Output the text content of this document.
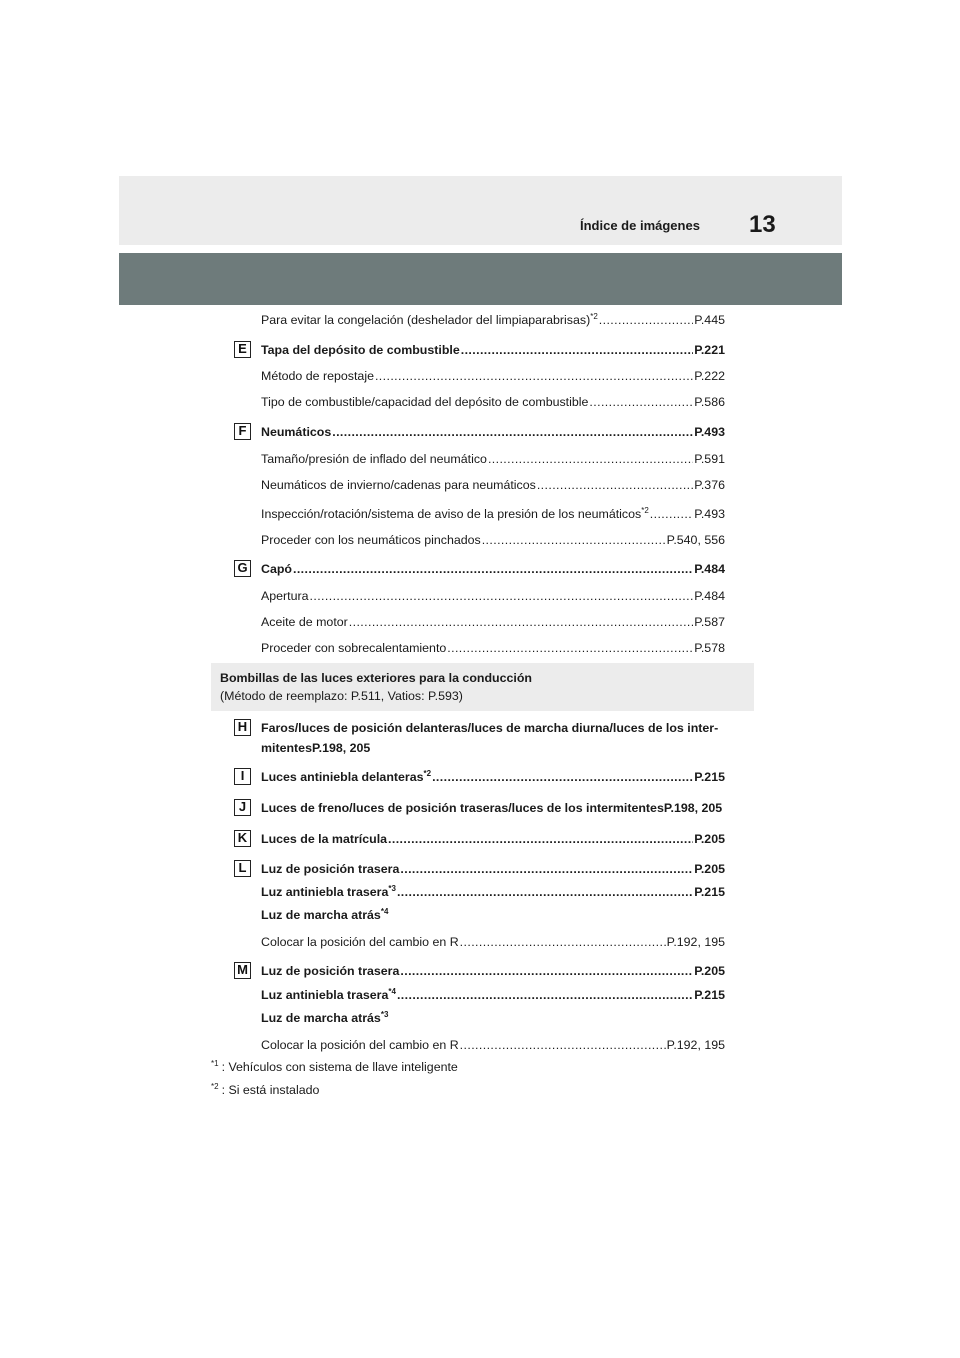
Índice de imágenes 13
Para evitar la congelación (deshelador del limpiaparabrisas)$^{*2}$ .....	P.445
E	Tapa del depósito de combustible .....	P.221
Método de repostaje .....	P.222
Tipo de combustible/capacidad del depósito de combustible .....	P.586
F	Neumáticos .....	P.493
Tamaño/presión de inflado del neumático .....	P.591
Neumáticos de invierno/cadenas para neumáticos .....	P.376
Inspección/rotación/sistema de aviso de la presión de los neumáticos$^{*2}$ .....	P.493
Proceder con los neumáticos pinchados .....	P.540, 556
G Capó .....	P.484
Apertura .....	P.484
Aceite de motor .....	P.587
Proceder con sobrecalentamiento .....	P.578
Bombillas de las luces exteriores para la conducción
(Método de reemplazo: P.511, Vatios: P.593)
H	Faros/luces de posición delanteras/luces de marcha diurna/luces de los inter-
mitentesP.198, 205
I	Luces antiniebla delanteras$^{*2}$ .....	P.215
J	Luces de freno/luces de posición traseras/luces de los intermitentesP.198, 205
K	Luces de la matrícula .....	P.205
L	Luz de posición trasera .....	P.205
Luz antiniebla trasera$^{*3}$ .....	P.215
Luz de marcha atrás$^{*4}$
Colocar la posición del cambio en R .....	P.192, 195
M Luz de posición trasera .....	P.205
Luz antiniebla trasera$^{*4}$ .....	P.215
Luz de marcha atrás$^{*3}$
Colocar la posición del cambio en R .....	P.192, 195
$^{*1}$ : Vehículos con sistema de llave inteligente
$^{*2}$ : Si está instalado
